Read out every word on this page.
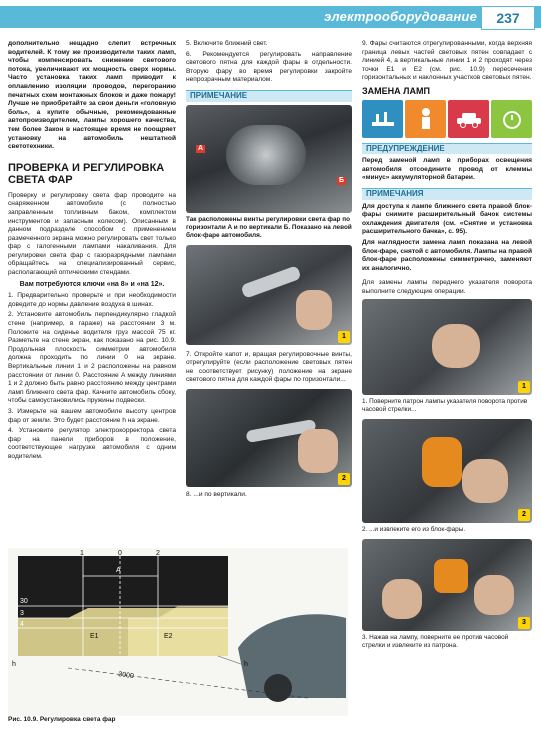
электрооборудование	237

дополнительно нещадно слепит встречных водителей. К тому же производители таких ламп, чтобы компенсировать снижение светового потока, увеличивают их мощность сверх нормы. Часто установка таких ламп приводит к оплавлению изоляции проводов, перегоранию печатных схем монтажных блоков и даже пожару! Лучше не приобретайте за свои деньги «головную боль», а купите обычные, рекомендованные автопроизводителем, лампы хорошего качества, тем более Закон в настоящее время не поощряет установку на автомобиль нештатной светотехники.

ПРОВЕРКА И РЕГУЛИРОВКА СВЕТА ФАР

Проверку и регулировку света фар проводите на снаряженном автомобиле (с полностью заправленным топливным баком, комплектом инструментов и запасным колесом). Описанным в данном подразделе способом с применением размеченного экрана можно регулировать свет только фар с галогенными лампами накаливания. Для регулировки света фар с газоразрядными лампами обращайтесь на специализированный сервис, располагающий оптическими стендами.

Вам потребуются ключи «на 8» и «на 12».

1. Предварительно проверьте и при необходимости доведите до нормы давление воздуха в шинах.

2. Установите автомобиль перпендикулярно гладкой стене (например, в гараже) на расстоянии 3 м. Положите на сиденье водителя груз массой 75 кг. Разметьте на стене экран, как показано на рис. 10.9. Продольная плоскость симметрии автомобиля должна проходить по линии 0 на экране. Вертикальные линии 1 и 2 расположены на равном расстоянии от линии 0. Расстояние A между линиями 1 и 2 должно быть равно расстоянию между центрами ламп ближнего света фар. Качните автомобиль сбоку, чтобы самоустановились пружины подвески.

3. Измерьте на вашем автомобиле высоту центров фар от земли. Это будет расстояние h на экране.

4. Установите регулятор электрокорректора света фар на панели приборов в положение, соответствующее нагрузке автомобиля с одним водителем.

5. Включите ближний свет.

6. Рекомендуется регулировать направление светового пятна для каждой фары в отдельности. Вторую фару во время регулировки закройте непрозрачным материалом.

ПРИМЕЧАНИЕ
A
Б
Так расположены винты регулировки света фар по горизонтали A и по вертикали Б. Показано на левой блок-фаре автомобиля.
1

7. Откройте капот и, вращая регулировочные винты, отрегулируйте (если расположение световых пятен не соответствует рисунку) положение на экране светового пятна для каждой фары по горизонтали...

2

8. ...и по вертикали.

9. Фары считаются отрегулированными, когда верхняя граница левых частей световых пятен совпадает с линией 4, а вертикальные линии 1 и 2 проходят через точки E1 и E2 (см. рис. 10.9) пересечения горизонтальных и наклонных участков световых пятен.

ЗАМЕНА ЛАМП
ПРЕДУПРЕЖДЕНИЕ

Перед заменой ламп в приборах освещения автомобиля отсоедините провод от клеммы «минус» аккумуляторной батареи.

ПРИМЕЧАНИЯ

Для доступа к лампе ближнего света правой блок-фары снимите расширительный бачок системы охлаждения двигателя (см. «Снятие и установка расширительного бачка», с. 95).

Для наглядности замена ламп показана на левой блок-фаре, снятой с автомобиля. Лампы на правой блок-фаре расположены симметрично, заменяют их аналогично.

Для замены лампы переднего указателя поворота выполните следующие операции.

1
1. Поверните патрон лампы указателя поворота против часовой стрелки...
2
2. ...и извлеките его из блок-фары.
3
3. Нажав на лампу, поверните ее против часовой стрелки и извлеките из патрона.
0
1	2
A
30
3
4
E1	E2
h	h
3000
Рис. 10.9. Регулировка света фар
